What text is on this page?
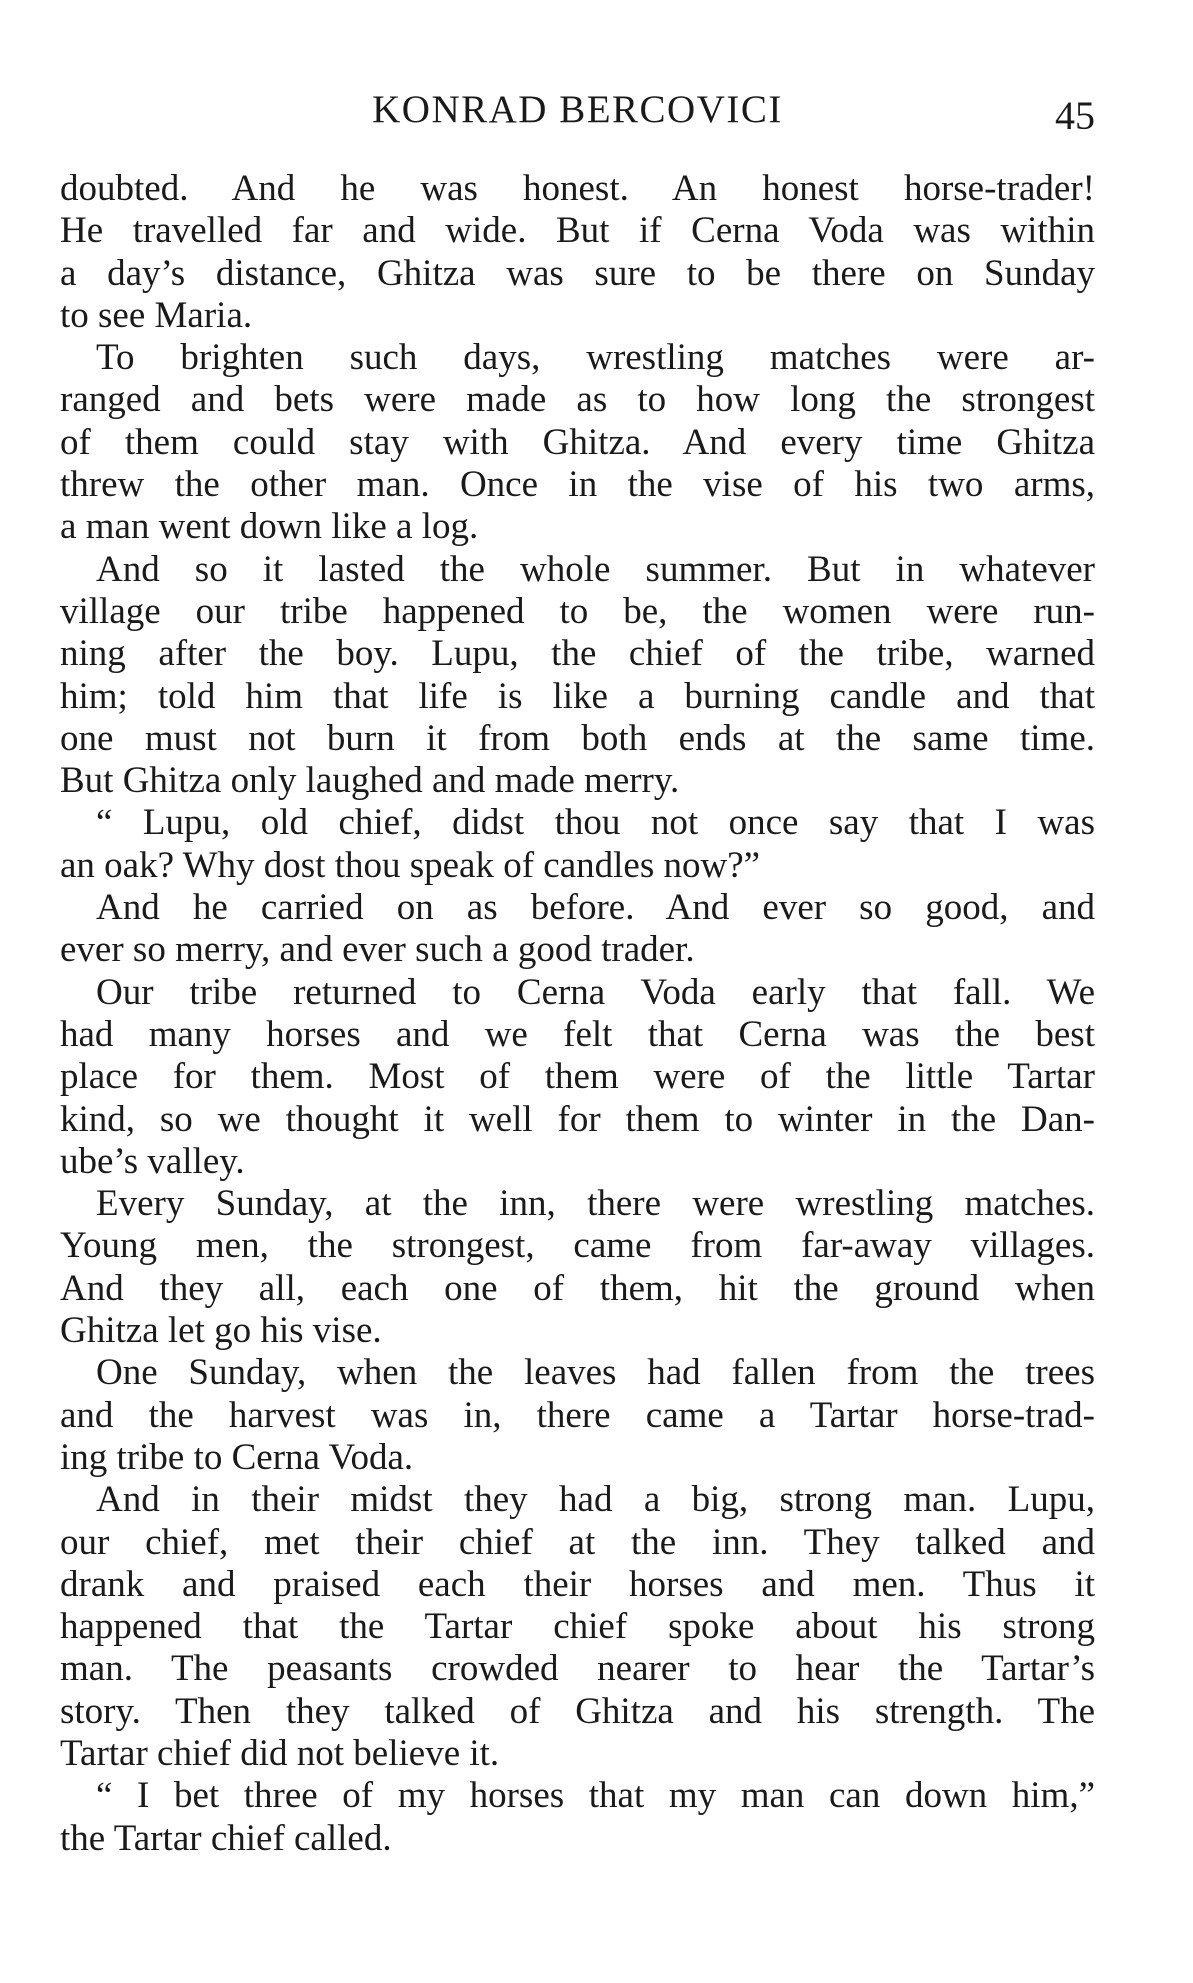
KONRAD BERCOVICI	45
doubted. And he was honest. An honest horse-trader!
He travelled far and wide. But if Cerna Voda was within
a day’s distance, Ghitza was sure to be there on Sunday
to see Maria.
To brighten such days, wrestling matches were ar-
ranged and bets were made as to how long the strongest
of them could stay with Ghitza. And every time Ghitza
threw the other man. Once in the vise of his two arms,
a man went down like a log.
And so it lasted the whole summer. But in whatever
village our tribe happened to be, the women were run-
ning after the boy. Lupu, the chief of the tribe, warned
him; told him that life is like a burning candle and that
one must not burn it from both ends at the same time.
But Ghitza only laughed and made merry.
“ Lupu, old chief, didst thou not once say that I was
an oak? Why dost thou speak of candles now?”
And he carried on as before. And ever so good, and
ever so merry, and ever such a good trader.
Our tribe returned to Cerna Voda early that fall. We
had many horses and we felt that Cerna was the best
place for them. Most of them were of the little Tartar
kind, so we thought it well for them to winter in the Dan-
ube’s valley.
Every Sunday, at the inn, there were wrestling matches.
Young men, the strongest, came from far-away villages.
And they all, each one of them, hit the ground when
Ghitza let go his vise.
One Sunday, when the leaves had fallen from the trees
and the harvest was in, there came a Tartar horse-trad-
ing tribe to Cerna Voda.
And in their midst they had a big, strong man. Lupu,
our chief, met their chief at the inn. They talked and
drank and praised each their horses and men. Thus it
happened that the Tartar chief spoke about his strong
man. The peasants crowded nearer to hear the Tartar’s
story. Then they talked of Ghitza and his strength. The
Tartar chief did not believe it.
“ I bet three of my horses that my man can down him,”
the Tartar chief called.
